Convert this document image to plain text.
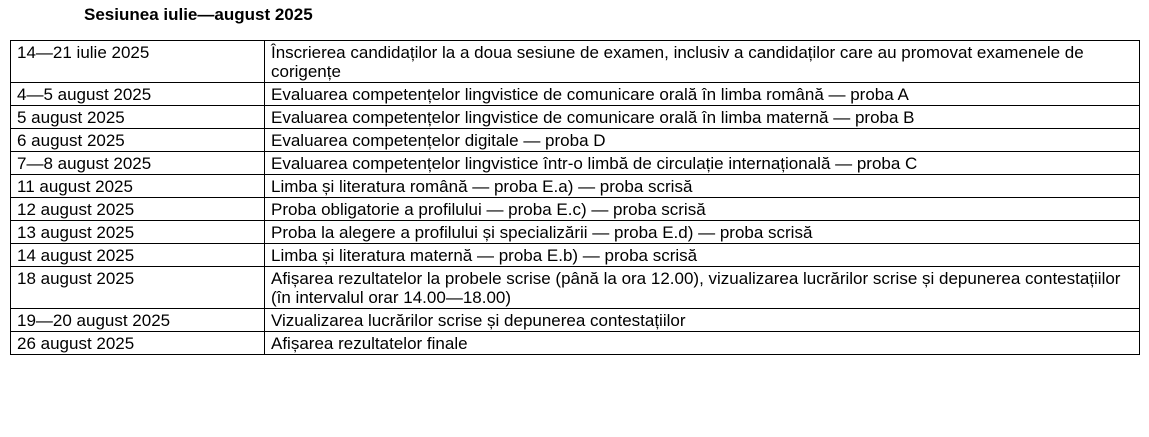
Sesiunea iulie—august 2025
14—21 iulie 2025	Înscrierea candidaților la a doua sesiune de examen, inclusiv a candidaților care au promovat examenele de corigențe
4—5 august 2025	Evaluarea competențelor lingvistice de comunicare orală în limba română — proba A
5 august 2025	Evaluarea competențelor lingvistice de comunicare orală în limba maternă — proba B
6 august 2025	Evaluarea competențelor digitale — proba D
7—8 august 2025	Evaluarea competențelor lingvistice într-o limbă de circulație internațională — proba C
11 august 2025	Limba și literatura română — proba E.a) — proba scrisă
12 august 2025	Proba obligatorie a profilului — proba E.c) — proba scrisă
13 august 2025	Proba la alegere a profilului și specializării — proba E.d) — proba scrisă
14 august 2025	Limba și literatura maternă — proba E.b) — proba scrisă
18 august 2025	Afișarea rezultatelor la probele scrise (până la ora 12.00), vizualizarea lucrărilor scrise și depunerea contestațiilor (în intervalul orar 14.00—18.00)
19—20 august 2025	Vizualizarea lucrărilor scrise și depunerea contestațiilor
26 august 2025	Afișarea rezultatelor finale
